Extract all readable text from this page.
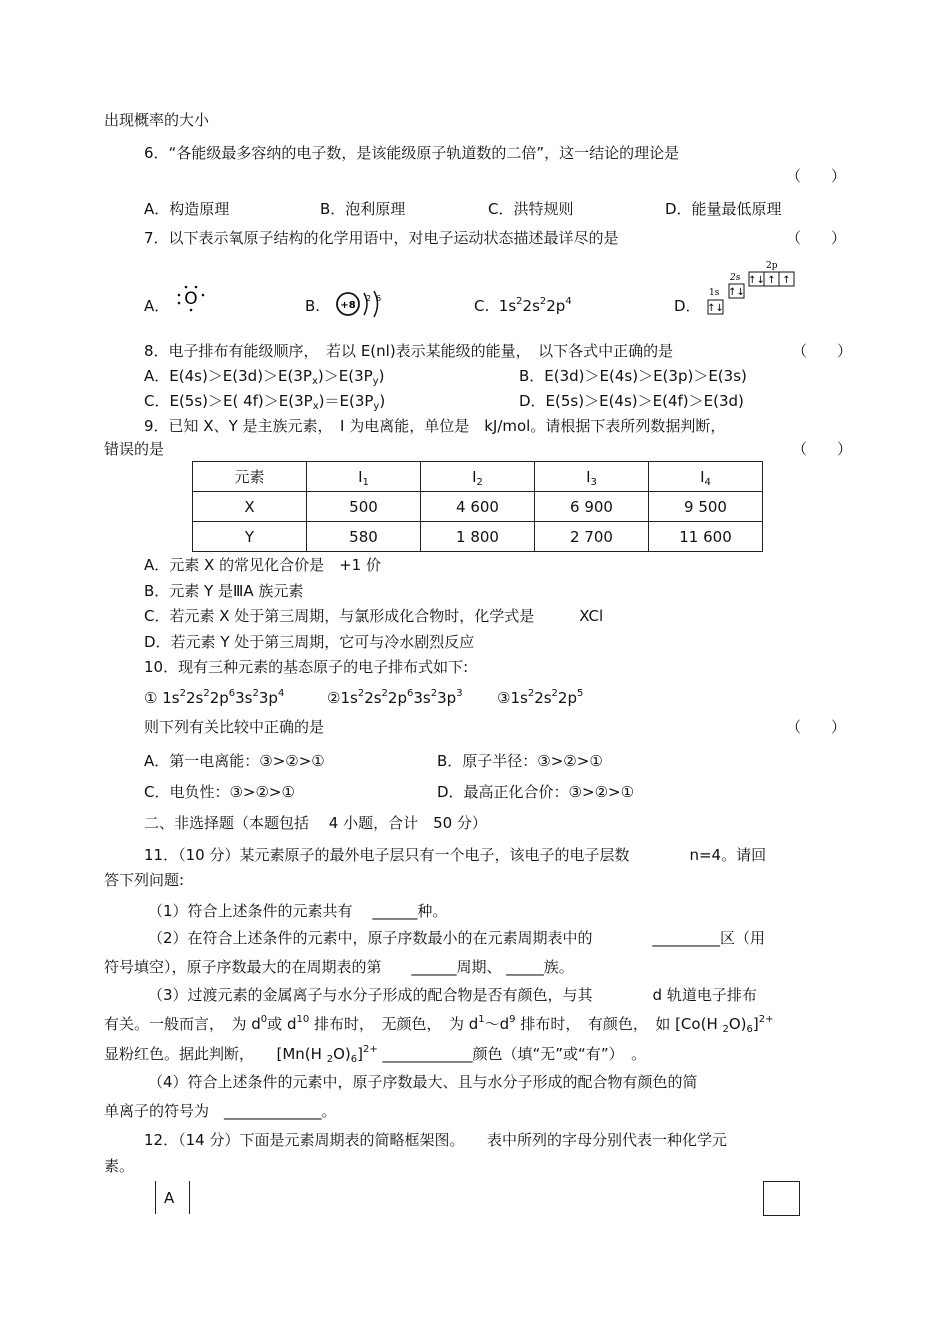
出现概率的大小
6．“各能级最多容纳的电子数，是该能级原子轨道数的二倍”，这一结论的理论是
（　　）
A．构造原理	B．泡利原理	C．洪特规则	D．能量最低原理
7．以下表示氧原子结构的化学用语中，对电子运动状态描述最详尽的是	（　　）
A． O	B. +8
2 6	C.  $1s^22s^22p^4$	D．
1s
2s
2p
↑↓
↑↓
↑↓ ↑ ↑
8．电子排布有能级顺序，　若以 E(nl)表示某能级的能量，　以下各式中正确的是	（　　）
A．$E(4s)>E(3d)>E(3P_x)>E(3P_y)$	B．E(3d)＞E(4s)＞E(3p)＞E(3s)
C．E(5s)＞E( $4f)>E(3P_x)=E(3P_y)$	D．E(5s)＞E(4s)＞E(4f)＞E(3d)
9．已知 X、Y 是主族元素，　I 为电离能，单位是　kJ/mol。请根据下表所列数据判断，
错误的是	（　　）
元素	$I_1$	$I_2$	$I_3$	$I_4$
X	500	4 600	6 900	9 500
Y	580	1 800	2 700	11 600
A．元素 X 的常见化合价是　+1 价
B．元素 Y 是ⅢA 族元素
C．若元素 X 处于第三周期，与氯形成化合物时，化学式是　　　XCl
D．若元素 Y 处于第三周期，它可与冷水剧烈反应
10．现有三种元素的基态原子的电子排布式如下:
① $1s^22s^22p^63s^23p^4$	$②1s^22s^22p^63s^23p^3$ $③1s^22s^22p^5$
则下列有关比较中正确的是	（　　）
A．第一电离能：③>②>①	B．原子半径：③>②>①
C．电负性：③>②>①	D．最高正化合价：③>②>①
二、非选择题（本题包括　 4 小题，合计　50 分）
11．（10 分）某元素原子的最外电子层只有一个电子，该电子的电子层数　　　　n=4。请回
答下列问题:
（1）符合上述条件的元素共有　 ______种。
（2）在符合上述条件的元素中，原子序数最小的在元素周期表中的　　　　_________区（用
符号填空），原子序数最大的在周期表的第　　______周期、 _____族。
（3）过渡元素的金属离子与水分子形成的配合物是否有颜色，与其　　　　d 轨道电子排布
有关。一般而言，　为 $d^0$或 $d^{10}$ 排布时，　无颜色，　为 $d^1\sim d^9$ 排布时，　有颜色，　如 [Co(H $_2O)_6]^{2+}$
显粉红色。据此判断，　　[Mn(H $_2O)_6]^{2+}$ ____________颜色（填“无”或“有”）　。
（4）符合上述条件的元素中，原子序数最大、且与水分子形成的配合物有颜色的简
单离子的符号为　_____________。
12．（14 分）下面是元素周期表的简略框架图。　　表中所列的字母分别代表一种化学元
素。
A
